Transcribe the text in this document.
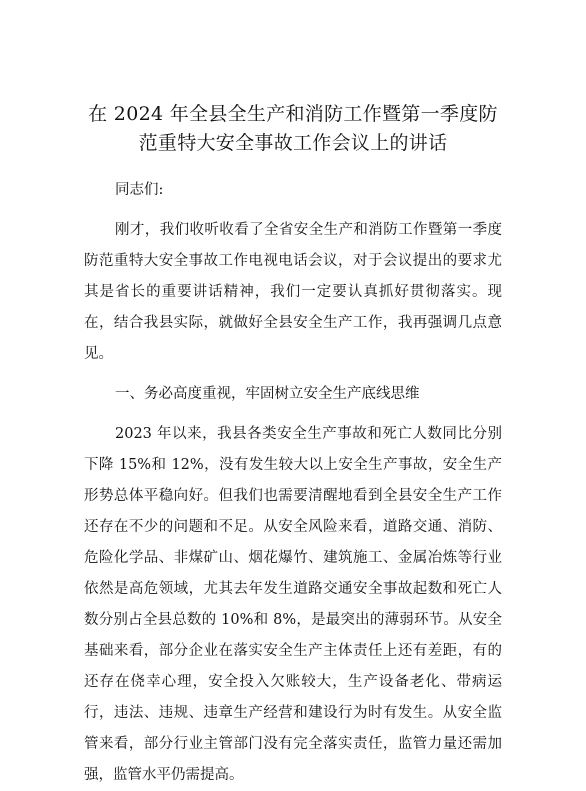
在 2024 年全县全生产和消防工作暨第一季度防
范重特大安全事故工作会议上的讲话

同志们:

刚才，我们收听收看了全省安全生产和消防工作暨第一季度防范重特大安全事故工作电视电话会议，对于会议提出的要求尤其是省长的重要讲话精神，我们一定要认真抓好贯彻落实。现在，结合我县实际，就做好全县安全生产工作，我再强调几点意见。

一、务必高度重视，牢固树立安全生产底线思维

2023 年以来，我县各类安全生产事故和死亡人数同比分别下降 15%和 12%，没有发生较大以上安全生产事故，安全生产形势总体平稳向好。但我们也需要清醒地看到全县安全生产工作还存在不少的问题和不足。从安全风险来看，道路交通、消防、危险化学品、非煤矿山、烟花爆竹、建筑施工、金属冶炼等行业依然是高危领域，尤其去年发生道路交通安全事故起数和死亡人数分别占全县总数的 10%和 8%，是最突出的薄弱环节。从安全基础来看，部分企业在落实安全生产主体责任上还有差距，有的还存在侥幸心理，安全投入欠账较大，生产设备老化、带病运行，违法、违规、违章生产经营和建设行为时有发生。从安全监管来看，部分行业主管部门没有完全落实责任，监管力量还需加强，监管水平仍需提高。
